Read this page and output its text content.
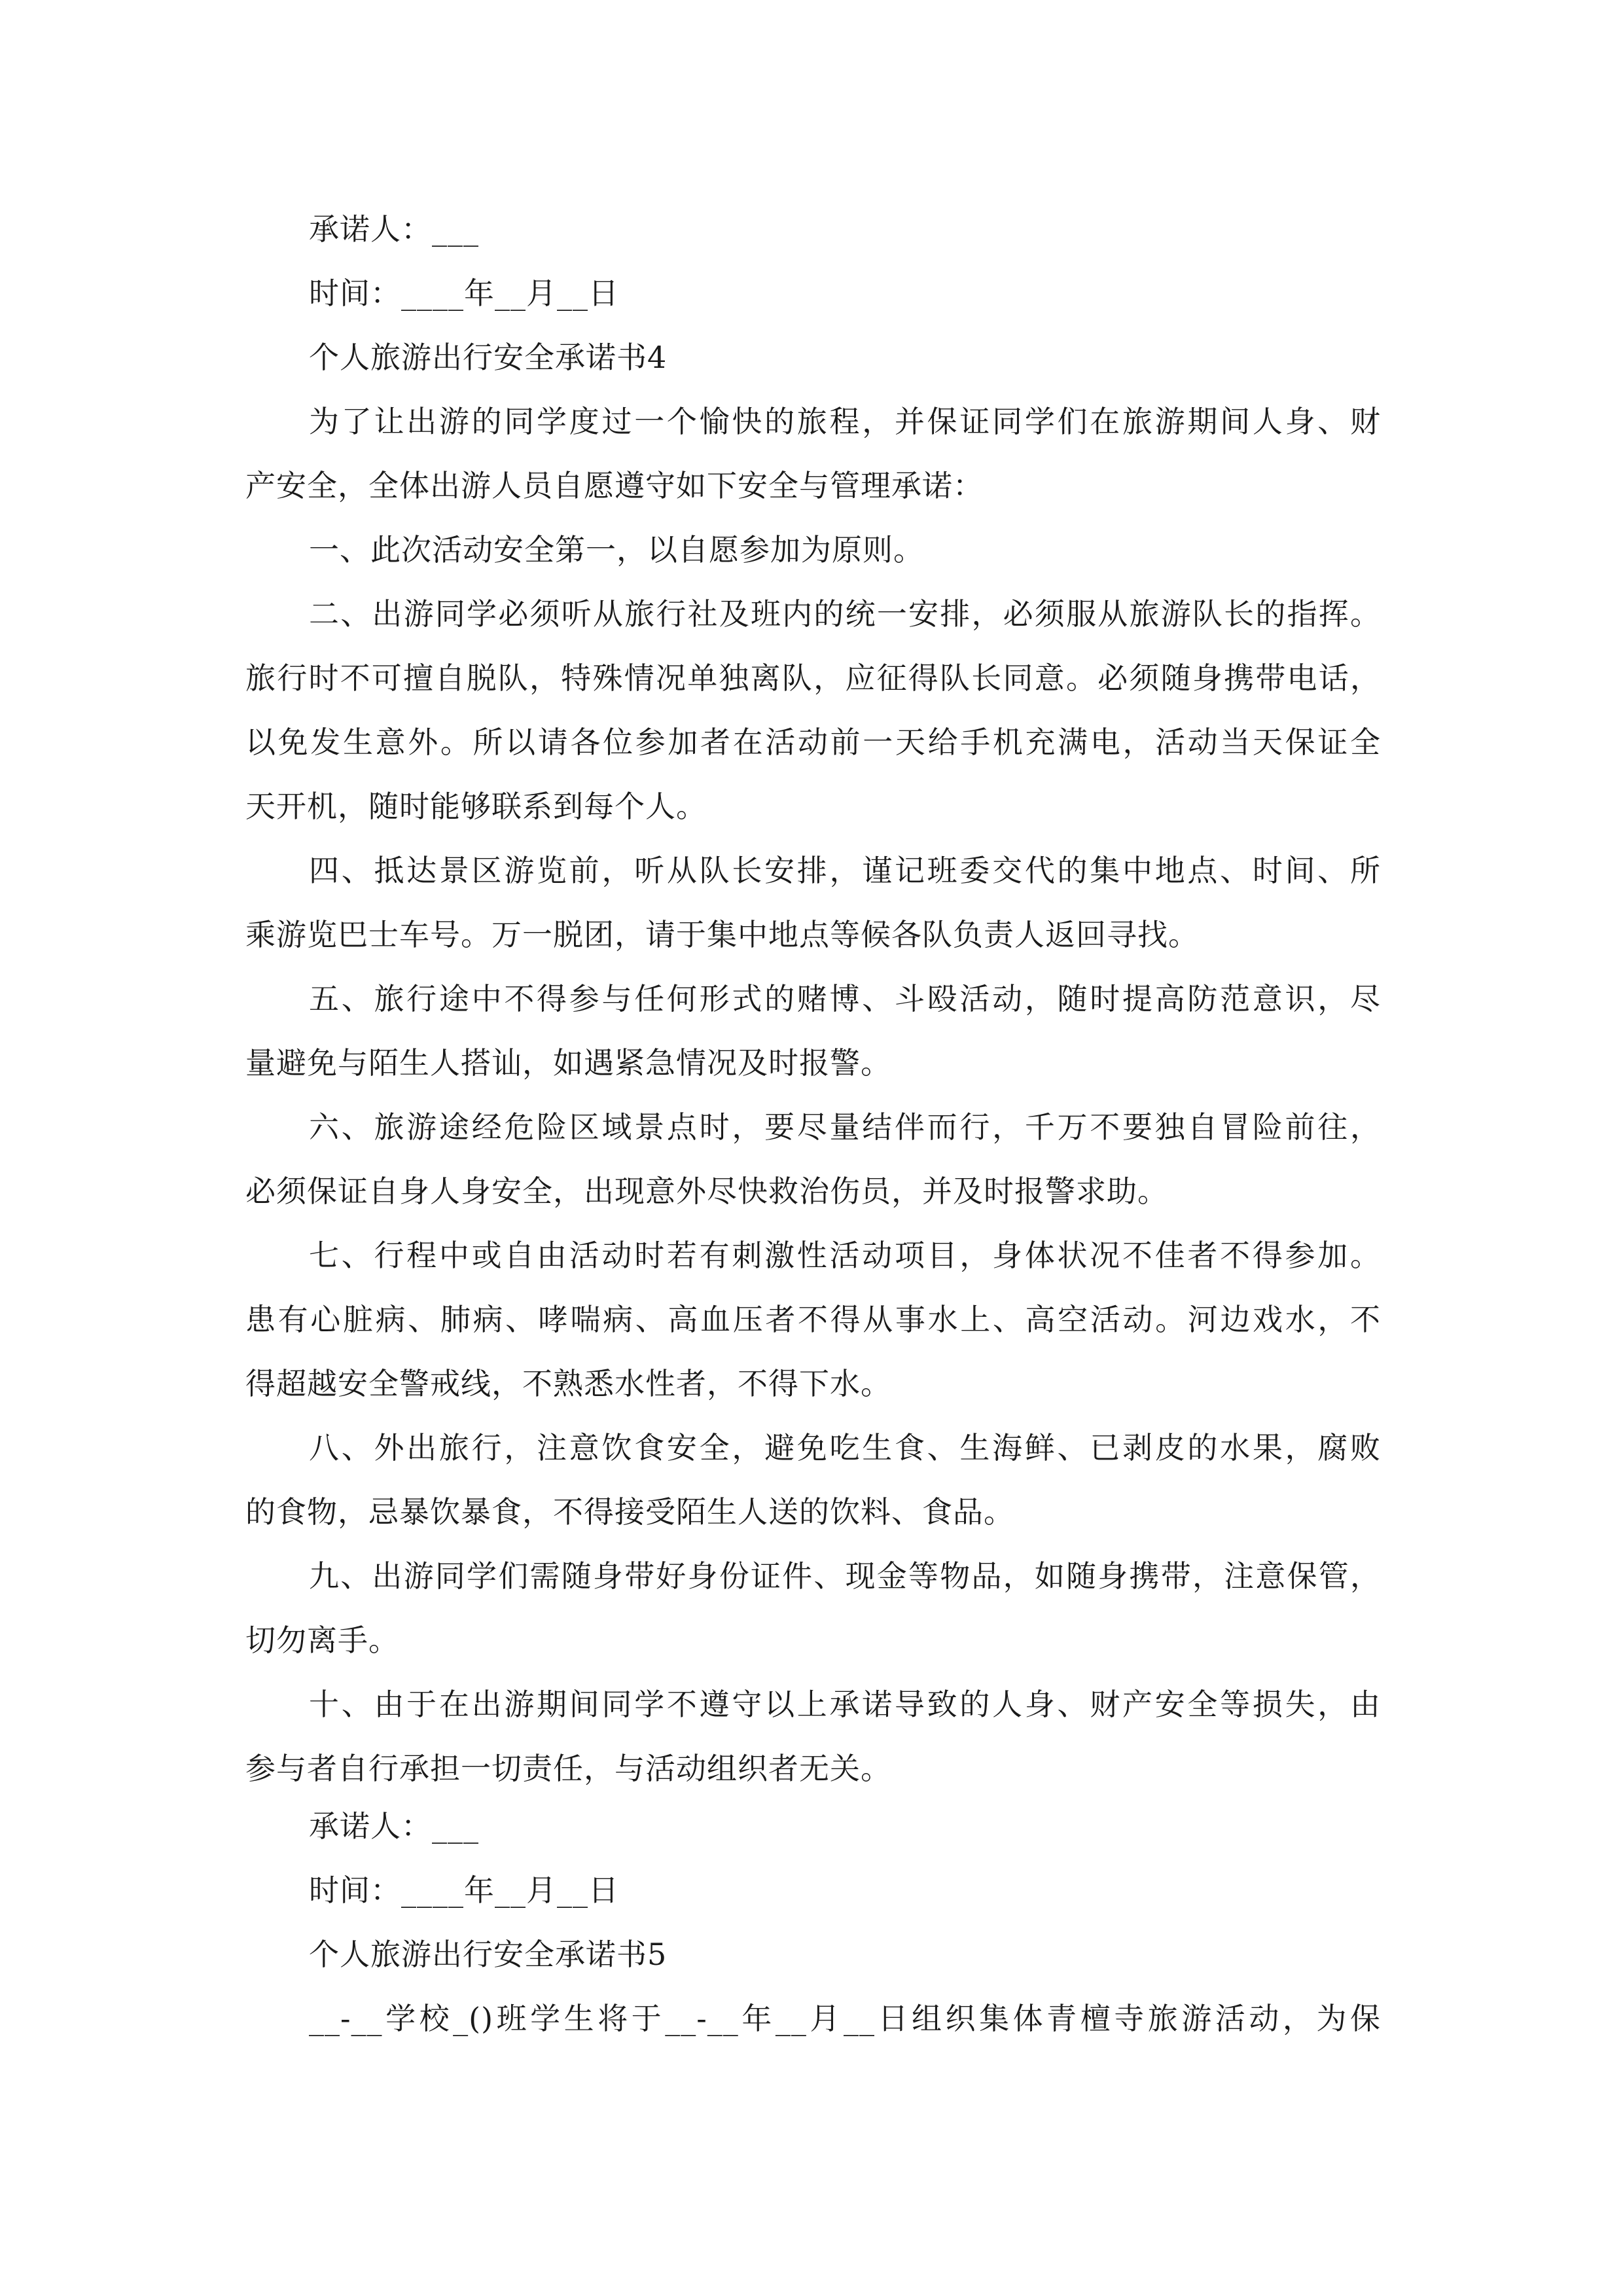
承诺人：___
时间：____年__月__日
个人旅游出行安全承诺书4
为了让出游的同学度过一个愉快的旅程，并保证同学们在旅游期间人身、财
产安全，全体出游人员自愿遵守如下安全与管理承诺：
一、此次活动安全第一，以自愿参加为原则。
二、出游同学必须听从旅行社及班内的统一安排，必须服从旅游队长的指挥。
旅行时不可擅自脱队，特殊情况单独离队，应征得队长同意。必须随身携带电话，
以免发生意外。所以请各位参加者在活动前一天给手机充满电，活动当天保证全
天开机，随时能够联系到每个人。
四、抵达景区游览前，听从队长安排，谨记班委交代的集中地点、时间、所
乘游览巴士车号。万一脱团，请于集中地点等候各队负责人返回寻找。
五、旅行途中不得参与任何形式的赌博、斗殴活动，随时提高防范意识，尽
量避免与陌生人搭讪，如遇紧急情况及时报警。
六、旅游途经危险区域景点时，要尽量结伴而行，千万不要独自冒险前往，
必须保证自身人身安全，出现意外尽快救治伤员，并及时报警求助。
七、行程中或自由活动时若有刺激性活动项目，身体状况不佳者不得参加。
患有心脏病、肺病、哮喘病、高血压者不得从事水上、高空活动。河边戏水，不
得超越安全警戒线，不熟悉水性者，不得下水。
八、外出旅行，注意饮食安全，避免吃生食、生海鲜、已剥皮的水果，腐败
的食物，忌暴饮暴食，不得接受陌生人送的饮料、食品。
九、出游同学们需随身带好身份证件、现金等物品，如随身携带，注意保管，
切勿离手。
十、由于在出游期间同学不遵守以上承诺导致的人身、财产安全等损失，由
参与者自行承担一切责任，与活动组织者无关。
承诺人：___
时间：____年__月__日
个人旅游出行安全承诺书5
__-__学校_()班学生将于__-__年__月__日组织集体青檀寺旅游活动，为保
